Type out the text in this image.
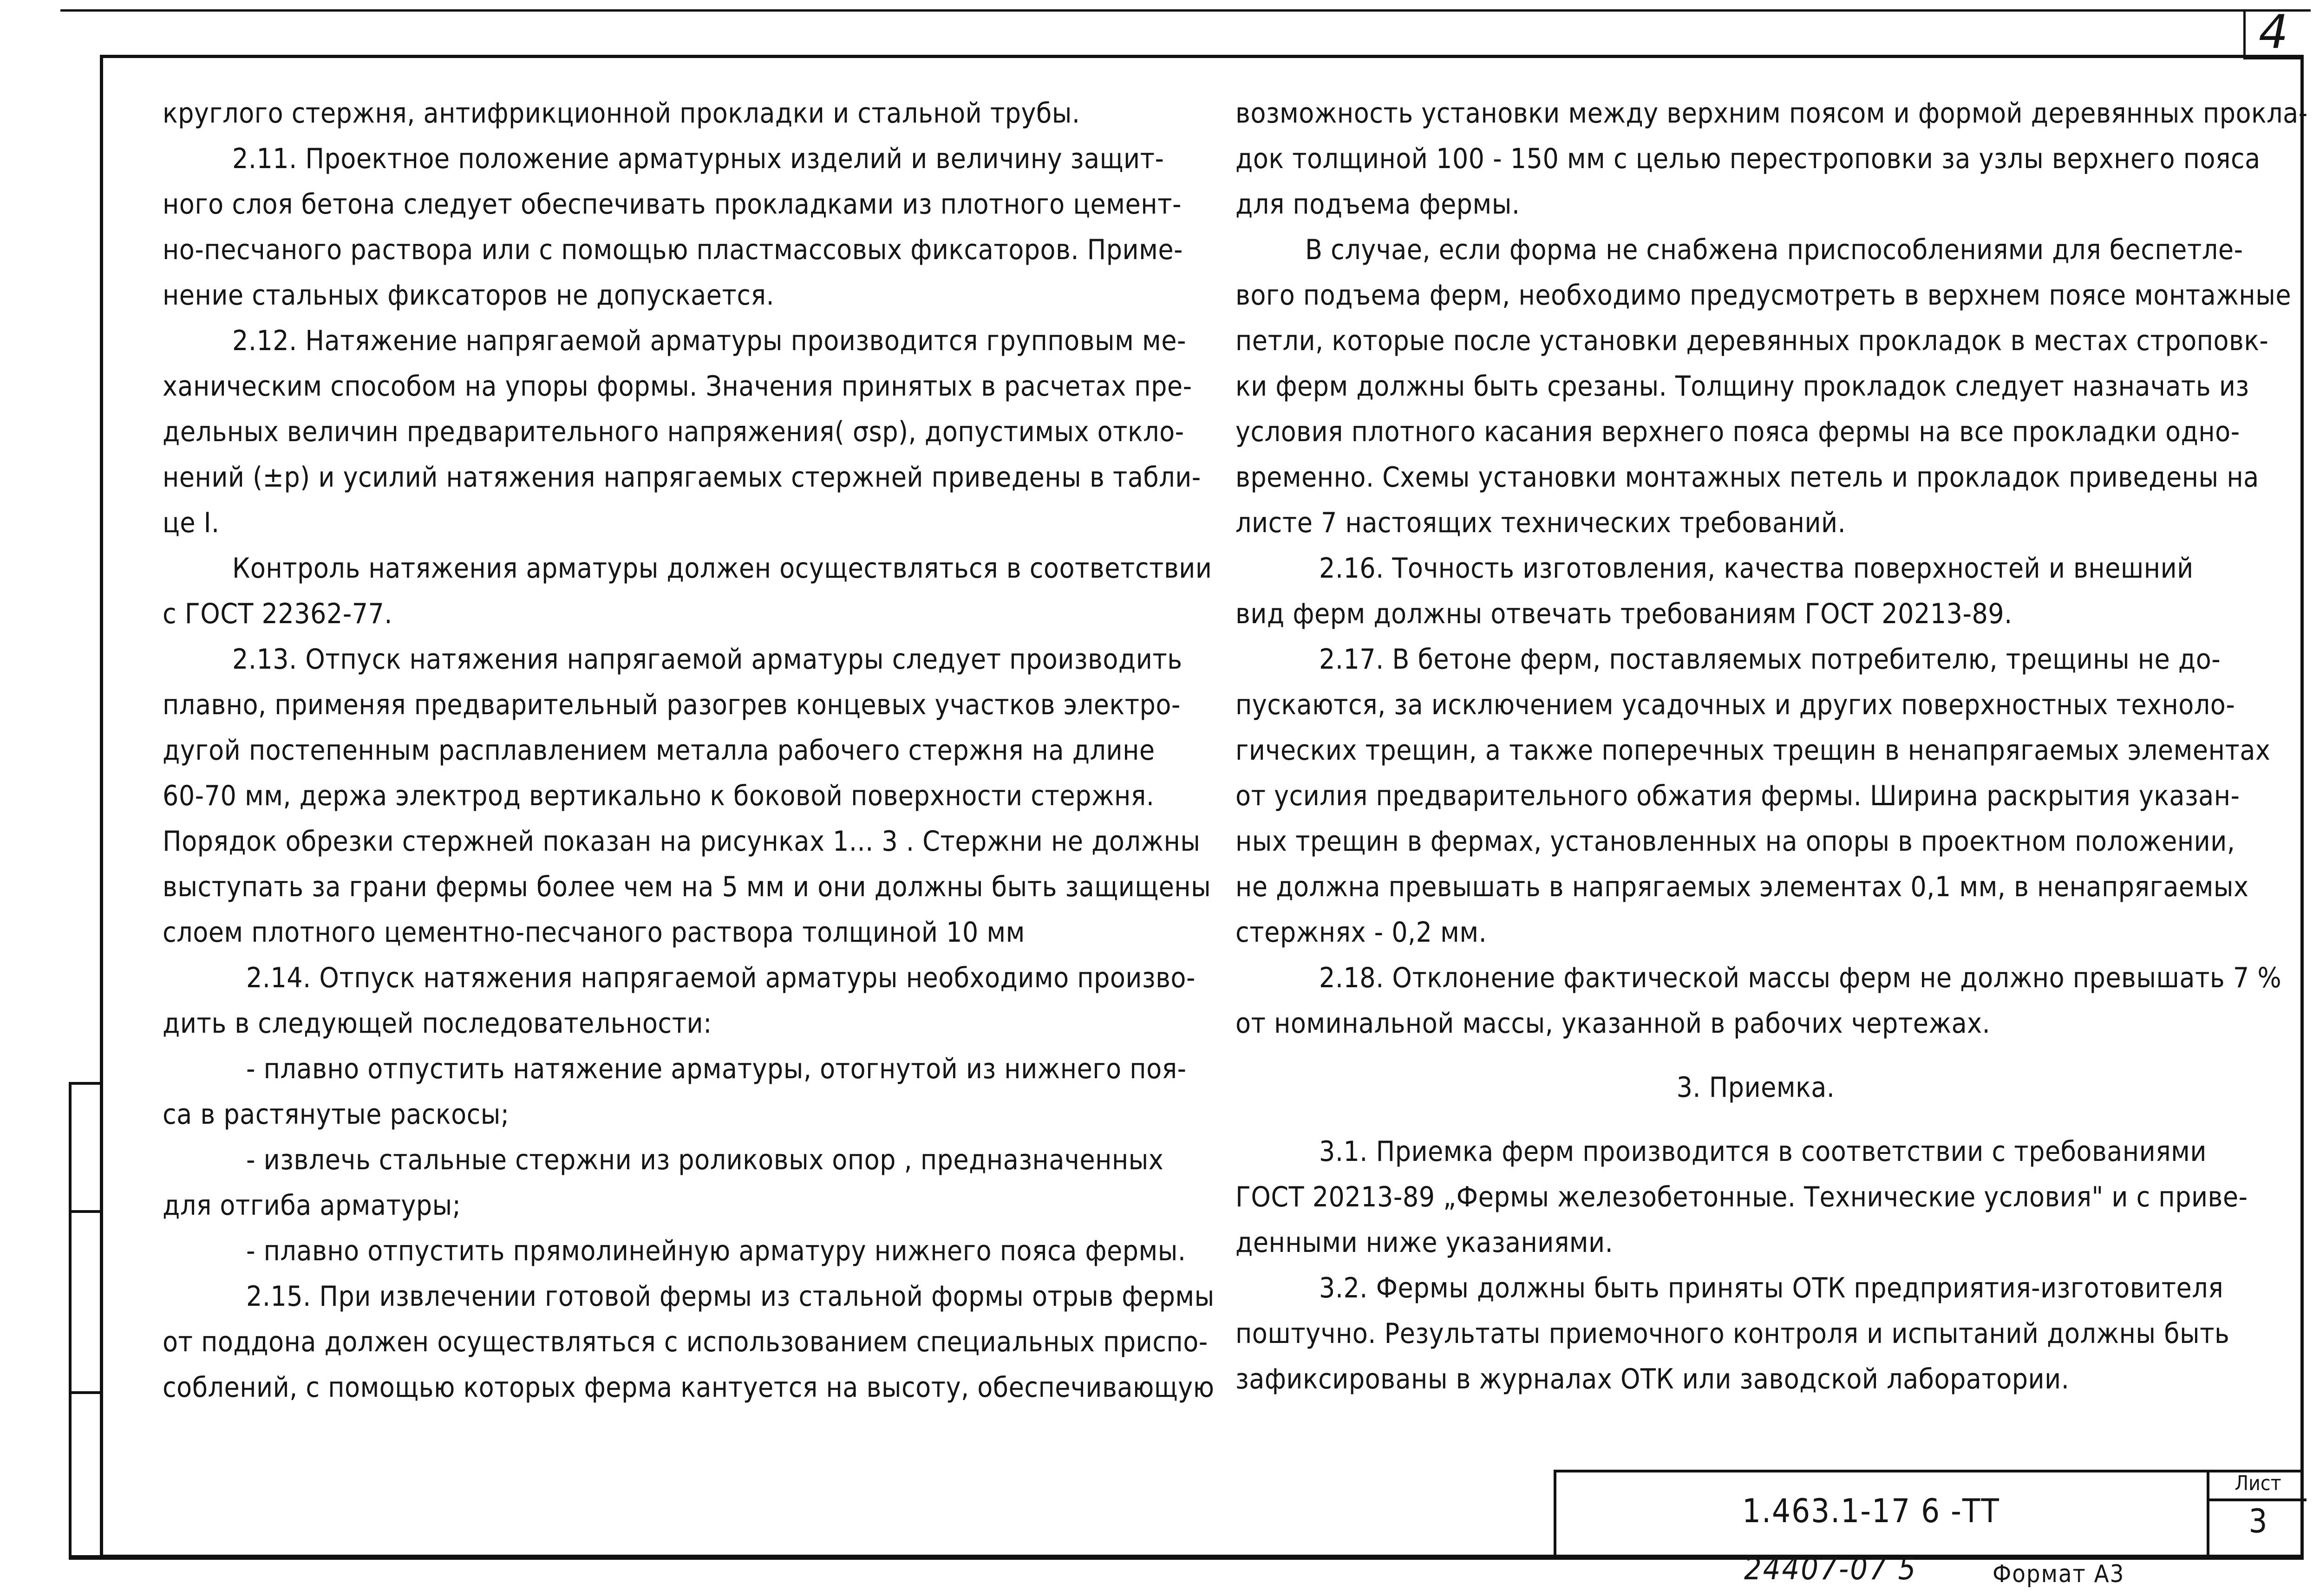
4
круглого стержня, антифрикционной прокладки и стальной трубы.
2.11. Проектное положение арматурных изделий и величину защит-
ного слоя бетона следует обеспечивать прокладками из плотного цемент-
но-песчаного раствора или с помощью пластмассовых фиксаторов. Приме-
нение стальных фиксаторов не допускается.
2.12. Натяжение напрягаемой арматуры производится групповым ме-
ханическим способом на упоры формы. Значения принятых в расчетах пре-
дельных величин предварительного напряжения( σsp), допустимых откло-
нений (±p) и усилий натяжения напрягаемых стержней приведены в табли-
це I.
Контроль натяжения арматуры должен осуществляться в соответствии
с ГОСТ 22362-77.
2.13. Отпуск натяжения напрягаемой арматуры следует производить
плавно, применяя предварительный разогрев концевых участков электро-
дугой постепенным расплавлением металла рабочего стержня на длине
60-70 мм, держа электрод вертикально к боковой поверхности стержня.
Порядок обрезки стержней показан на рисунках 1... 3 . Стержни не должны
выступать за грани фермы более чем на 5 мм и они должны быть защищены
слоем плотного цементно-песчаного раствора толщиной 10 мм
2.14. Отпуск натяжения напрягаемой арматуры необходимо произво-
дить в следующей последовательности:
- плавно отпустить натяжение арматуры, отогнутой из нижнего поя-
са в растянутые раскосы;
- извлечь стальные стержни из роликовых опор , предназначенных
для отгиба арматуры;
- плавно отпустить прямолинейную арматуру нижнего пояса фермы.
2.15. При извлечении готовой фермы из стальной формы отрыв фермы
от поддона должен осуществляться с использованием специальных приспо-
соблений, с помощью которых ферма кантуется на высоту, обеспечивающую
возможность установки между верхним поясом и формой деревянных прокла-
док толщиной 100 - 150 мм с целью перестроповки за узлы верхнего пояса
для подъема фермы.
В случае, если форма не снабжена приспособлениями для беспетле-
вого подъема ферм, необходимо предусмотреть в верхнем поясе монтажные
петли, которые после установки деревянных прокладок в местах строповк-
ки ферм должны быть срезаны. Толщину прокладок следует назначать из
условия плотного касания верхнего пояса фермы на все прокладки одно-
временно. Схемы установки монтажных петель и прокладок приведены на
листе 7 настоящих технических требований.
2.16. Точность изготовления, качества поверхностей и внешний
вид ферм должны отвечать требованиям ГОСТ 20213-89.
2.17. В бетоне ферм, поставляемых потребителю, трещины не до-
пускаются, за исключением усадочных и других поверхностных техноло-
гических трещин, а также поперечных трещин в ненапрягаемых элементах
от усилия предварительного обжатия фермы. Ширина раскрытия указан-
ных трещин в фермах, установленных на опоры в проектном положении,
не должна превышать в напрягаемых элементах 0,1 мм, в ненапрягаемых
стержнях - 0,2 мм.
2.18. Отклонение фактической массы ферм не должно превышать 7 %
от номинальной массы, указанной в рабочих чертежах.
3. Приемка.
3.1. Приемка ферм производится в соответствии с требованиями
ГОСТ 20213-89 „Фермы железобетонные. Технические условия" и с приве-
денными ниже указаниями.
3.2. Фермы должны быть приняты ОТК предприятия-изготовителя
поштучно. Результаты приемочного контроля и испытаний должны быть
зафиксированы в журналах ОТК или заводской лаборатории.
1.463.1-17 6 -ТТ
Лист
3
24407-07 5	Формат А3
